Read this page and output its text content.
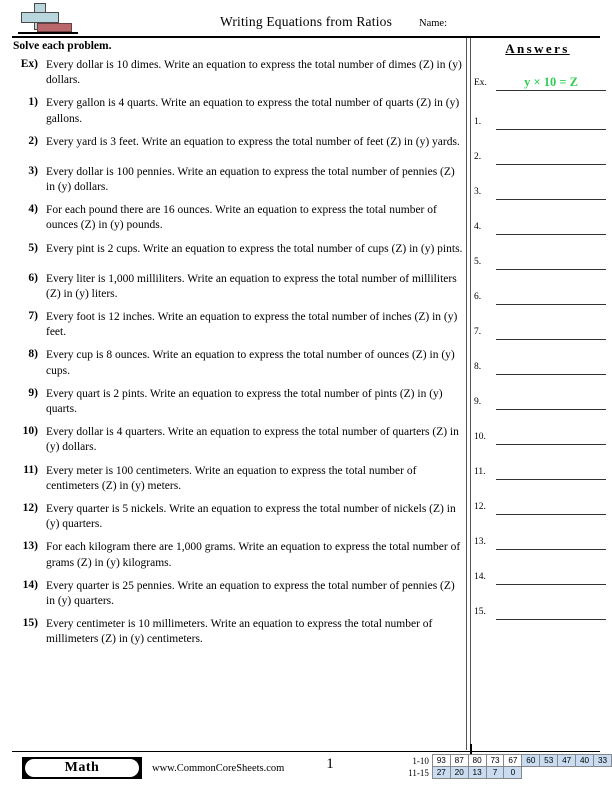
Writing Equations from Ratios	Name:
Solve each problem.
Ex) Every dollar is 10 dimes. Write an equation to express the total number of dimes (Z) in (y) dollars.
1) Every gallon is 4 quarts. Write an equation to express the total number of quarts (Z) in (y) gallons.
2) Every yard is 3 feet. Write an equation to express the total number of feet (Z) in (y) yards.
3) Every dollar is 100 pennies. Write an equation to express the total number of pennies (Z) in (y) dollars.
4) For each pound there are 16 ounces. Write an equation to express the total number of ounces (Z) in (y) pounds.
5) Every pint is 2 cups. Write an equation to express the total number of cups (Z) in (y) pints.
6) Every liter is 1,000 milliliters. Write an equation to express the total number of milliliters (Z) in (y) liters.
7) Every foot is 12 inches. Write an equation to express the total number of inches (Z) in (y) feet.
8) Every cup is 8 ounces. Write an equation to express the total number of ounces (Z) in (y) cups.
9) Every quart is 2 pints. Write an equation to express the total number of pints (Z) in (y) quarts.
10) Every dollar is 4 quarters. Write an equation to express the total number of quarters (Z) in (y) dollars.
11) Every meter is 100 centimeters. Write an equation to express the total number of centimeters (Z) in (y) meters.
12) Every quarter is 5 nickels. Write an equation to express the total number of nickels (Z) in (y) quarters.
13) For each kilogram there are 1,000 grams. Write an equation to express the total number of grams (Z) in (y) kilograms.
14) Every quarter is 25 pennies. Write an equation to express the total number of pennies (Z) in (y) quarters.
15) Every centimeter is 10 millimeters. Write an equation to express the total number of millimeters (Z) in (y) centimeters.
Answers
Ex.	y × 10 = Z
1.
2.
3.
4.
5.
6.
7.
8.
9.
10.
11.
12.
13.
14.
15.
Math	www.CommonCoreSheets.com	1	1-10	93	87	80	73	67	60	53	47	40	33
11-15	27	20	13	7	0					
